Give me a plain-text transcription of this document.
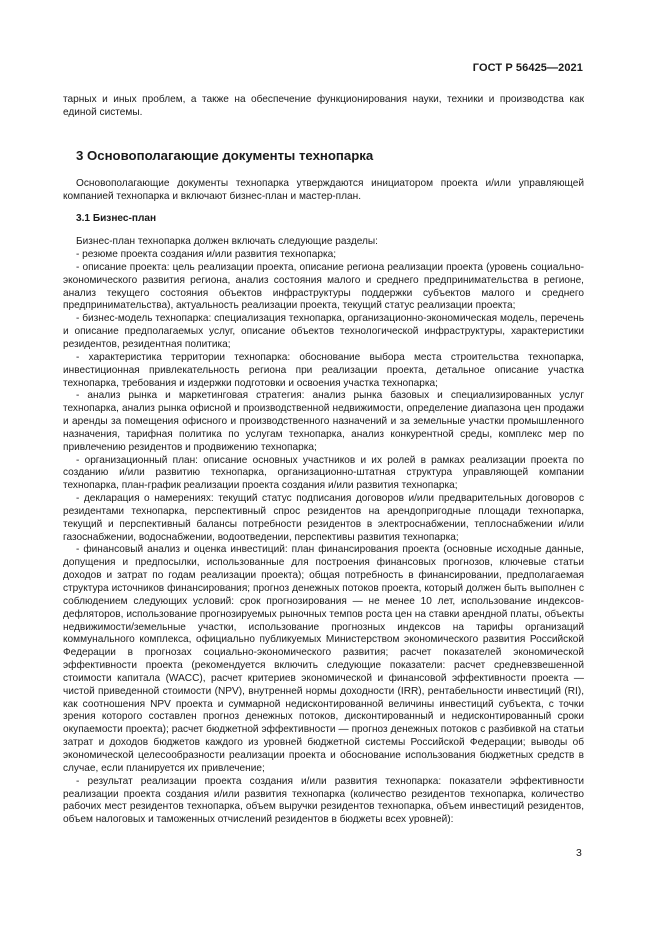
ГОСТ Р 56425—2021

тарных и иных проблем, а также на обеспечение функционирования науки, техники и производства как единой системы.

3 Основополагающие документы технопарка

Основополагающие документы технопарка утверждаются инициатором проекта и/или управляющей компанией технопарка и включают бизнес-план и мастер-план.

3.1 Бизнес-план

Бизнес-план технопарка должен включать следующие разделы:

- резюме проекта создания и/или развития технопарка;

- описание проекта: цель реализации проекта, описание региона реализации проекта (уровень социально-экономического развития региона, анализ состояния малого и среднего предпринимательства в регионе, анализ текущего состояния объектов инфраструктуры поддержки субъектов малого и среднего предпринимательства), актуальность реализации проекта, текущий статус реализации проекта;

- бизнес-модель технопарка: специализация технопарка, организационно-экономическая модель, перечень и описание предполагаемых услуг, описание объектов технологической инфраструктуры, характеристики резидентов, резидентная политика;

- характеристика территории технопарка: обоснование выбора места строительства технопарка, инвестиционная привлекательность региона при реализации проекта, детальное описание участка технопарка, требования и издержки подготовки и освоения участка технопарка;

- анализ рынка и маркетинговая стратегия: анализ рынка базовых и специализированных услуг технопарка, анализ рынка офисной и производственной недвижимости, определение диапазона цен продажи и аренды за помещения офисного и производственного назначений и за земельные участки промышленного назначения, тарифная политика по услугам технопарка, анализ конкурентной среды, комплекс мер по привлечению резидентов и продвижению технопарка;

- организационный план: описание основных участников и их ролей в рамках реализации проекта по созданию и/или развитию технопарка, организационно-штатная структура управляющей компании технопарка, план-график реализации проекта создания и/или развития технопарка;

- декларация о намерениях: текущий статус подписания договоров и/или предварительных договоров с резидентами технопарка, перспективный спрос резидентов на арендопригодные площади технопарка, текущий и перспективный балансы потребности резидентов в электроснабжении, теплоснабжении и/или газоснабжении, водоснабжении, водоотведении, перспективы развития технопарка;

- финансовый анализ и оценка инвестиций: план финансирования проекта (основные исходные данные, допущения и предпосылки, использованные для построения финансовых прогнозов, ключевые статьи доходов и затрат по годам реализации проекта); общая потребность в финансировании, предполагаемая структура источников финансирования; прогноз денежных потоков проекта, который должен быть выполнен с соблюдением следующих условий: срок прогнозирования — не менее 10 лет, использование индексов-дефляторов, использование прогнозируемых рыночных темпов роста цен на ставки арендной платы, объекты недвижимости/земельные участки, использование прогнозных индексов на тарифы организаций коммунального комплекса, официально публикуемых Министерством экономического развития Российской Федерации в прогнозах социально-экономического развития; расчет показателей экономической эффективности проекта (рекомендуется включить следующие показатели: расчет средневзвешенной стоимости капитала (WACC), расчет критериев экономической и финансовой эффективности проекта — чистой приведенной стоимости (NPV), внутренней нормы доходности (IRR), рентабельности инвестиций (RI), как соотношения NPV проекта и суммарной недисконтированной величины инвестиций субъекта, с точки зрения которого составлен прогноз денежных потоков, дисконтированный и недисконтированный сроки окупаемости проекта); расчет бюджетной эффективности — прогноз денежных потоков с разбивкой на статьи затрат и доходов бюджетов каждого из уровней бюджетной системы Российской Федерации; выводы об экономической целесообразности реализации проекта и обоснование использования бюджетных средств в случае, если планируется их привлечение;

- результат реализации проекта создания и/или развития технопарка: показатели эффективности реализации проекта создания и/или развития технопарка (количество резидентов технопарка, количество рабочих мест резидентов технопарка, объем выручки резидентов технопарка, объем инвестиций резидентов, объем налоговых и таможенных отчислений резидентов в бюджеты всех уровней):

3
